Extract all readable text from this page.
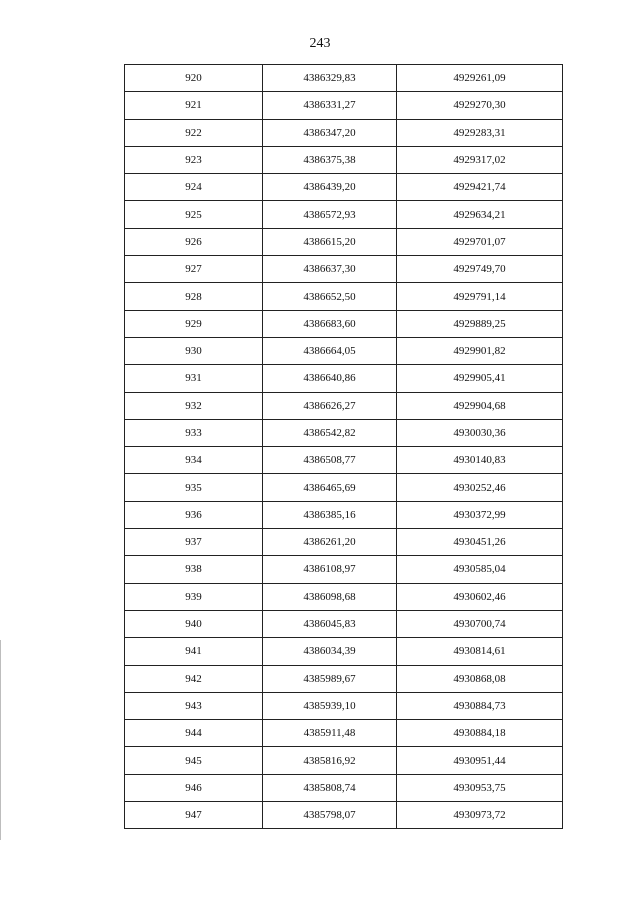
243
920	4386329,83	4929261,09
921	4386331,27	4929270,30
922	4386347,20	4929283,31
923	4386375,38	4929317,02
924	4386439,20	4929421,74
925	4386572,93	4929634,21
926	4386615,20	4929701,07
927	4386637,30	4929749,70
928	4386652,50	4929791,14
929	4386683,60	4929889,25
930	4386664,05	4929901,82
931	4386640,86	4929905,41
932	4386626,27	4929904,68
933	4386542,82	4930030,36
934	4386508,77	4930140,83
935	4386465,69	4930252,46
936	4386385,16	4930372,99
937	4386261,20	4930451,26
938	4386108,97	4930585,04
939	4386098,68	4930602,46
940	4386045,83	4930700,74
941	4386034,39	4930814,61
942	4385989,67	4930868,08
943	4385939,10	4930884,73
944	4385911,48	4930884,18
945	4385816,92	4930951,44
946	4385808,74	4930953,75
947	4385798,07	4930973,72
